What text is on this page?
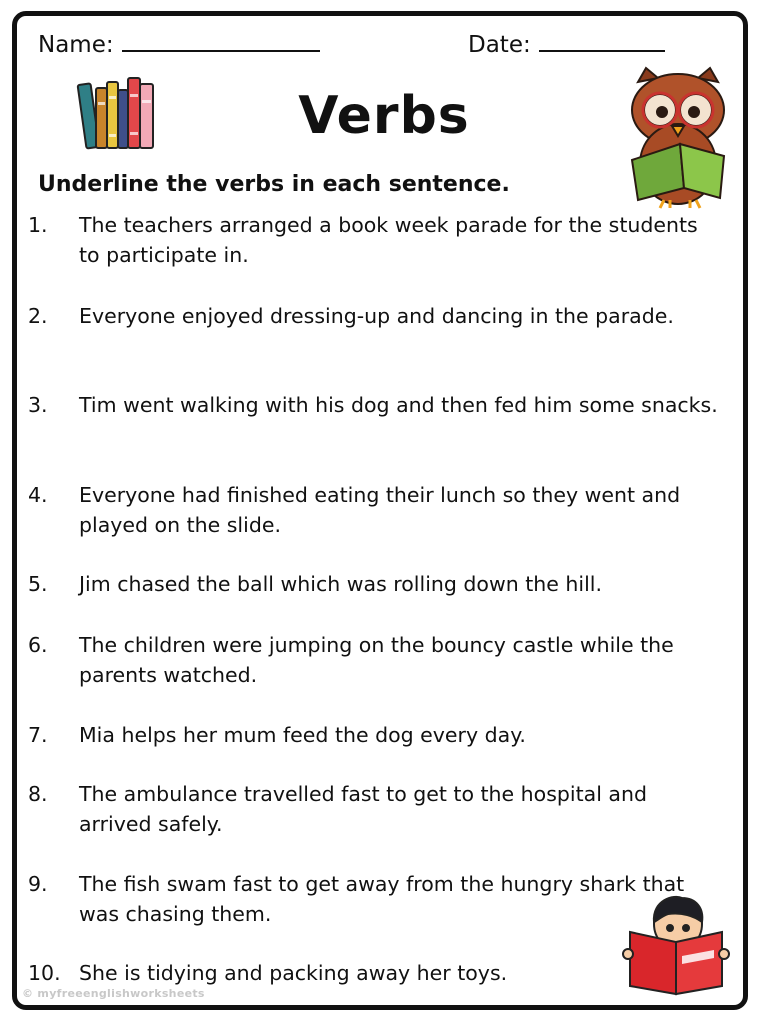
Name:	Date:
Verbs
Underline the verbs in each sentence.
1.	The teachers arranged a book week parade for the students to participate in.
2.	Everyone enjoyed dressing-up and dancing in the parade.
3.	Tim went walking with his dog and then fed him some snacks.
4.	Everyone had finished eating their lunch so they went and played on the slide.
5.	Jim chased the ball which was rolling down the hill.
6.	The children were jumping on the bouncy castle while the parents watched.
7.	Mia helps her mum feed the dog every day.
8.	The ambulance travelled fast to get to the hospital and arrived safely.
9.	The fish swam fast to get away from the hungry shark that was chasing them.
10. She is tidying and packing away her toys.
© myfreeenglishworksheets
